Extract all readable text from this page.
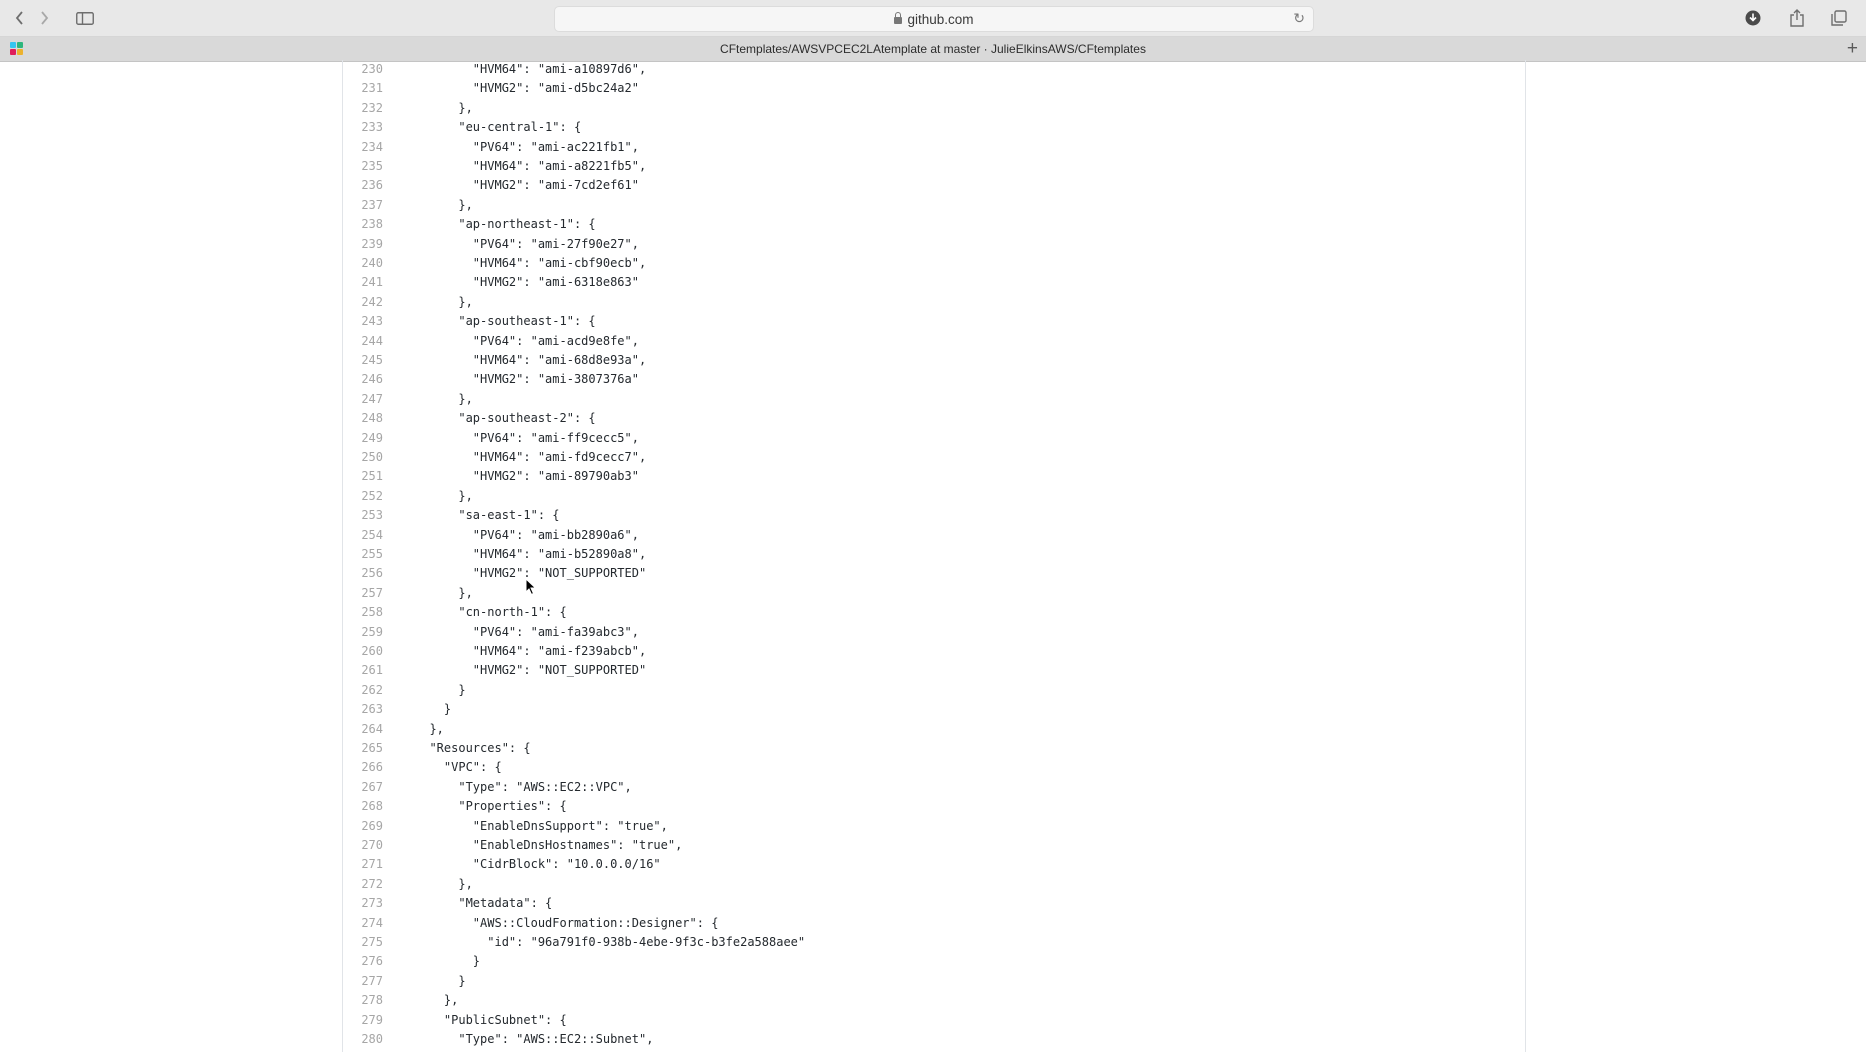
github.com	↻
CFtemplates/AWSVPCEC2LAtemplate at master · JulieElkinsAWS/CFtemplates	+
230	"HVM64": "ami-a10897d6",
231	"HVMG2": "ami-d5bc24a2"
232	},
233	"eu-central-1": {
234	"PV64": "ami-ac221fb1",
235	"HVM64": "ami-a8221fb5",
236	"HVMG2": "ami-7cd2ef61"
237	},
238	"ap-northeast-1": {
239	"PV64": "ami-27f90e27",
240	"HVM64": "ami-cbf90ecb",
241	"HVMG2": "ami-6318e863"
242	},
243	"ap-southeast-1": {
244	"PV64": "ami-acd9e8fe",
245	"HVM64": "ami-68d8e93a",
246	"HVMG2": "ami-3807376a"
247	},
248	"ap-southeast-2": {
249	"PV64": "ami-ff9cecc5",
250	"HVM64": "ami-fd9cecc7",
251	"HVMG2": "ami-89790ab3"
252	},
253	"sa-east-1": {
254	"PV64": "ami-bb2890a6",
255	"HVM64": "ami-b52890a8",
256	"HVMG2": "NOT_SUPPORTED"
257	},
258	"cn-north-1": {
259	"PV64": "ami-fa39abc3",
260	"HVM64": "ami-f239abcb",
261	"HVMG2": "NOT_SUPPORTED"
262	}
263	}
264	},
265	"Resources": {
266	"VPC": {
267	"Type": "AWS::EC2::VPC",
268	"Properties": {
269	"EnableDnsSupport": "true",
270	"EnableDnsHostnames": "true",
271	"CidrBlock": "10.0.0.0/16"
272	},
273	"Metadata": {
274	"AWS::CloudFormation::Designer": {
275	"id": "96a791f0-938b-4ebe-9f3c-b3fe2a588aee"
276	}
277	}
278	},
279	"PublicSubnet": {
280	"Type": "AWS::EC2::Subnet",
